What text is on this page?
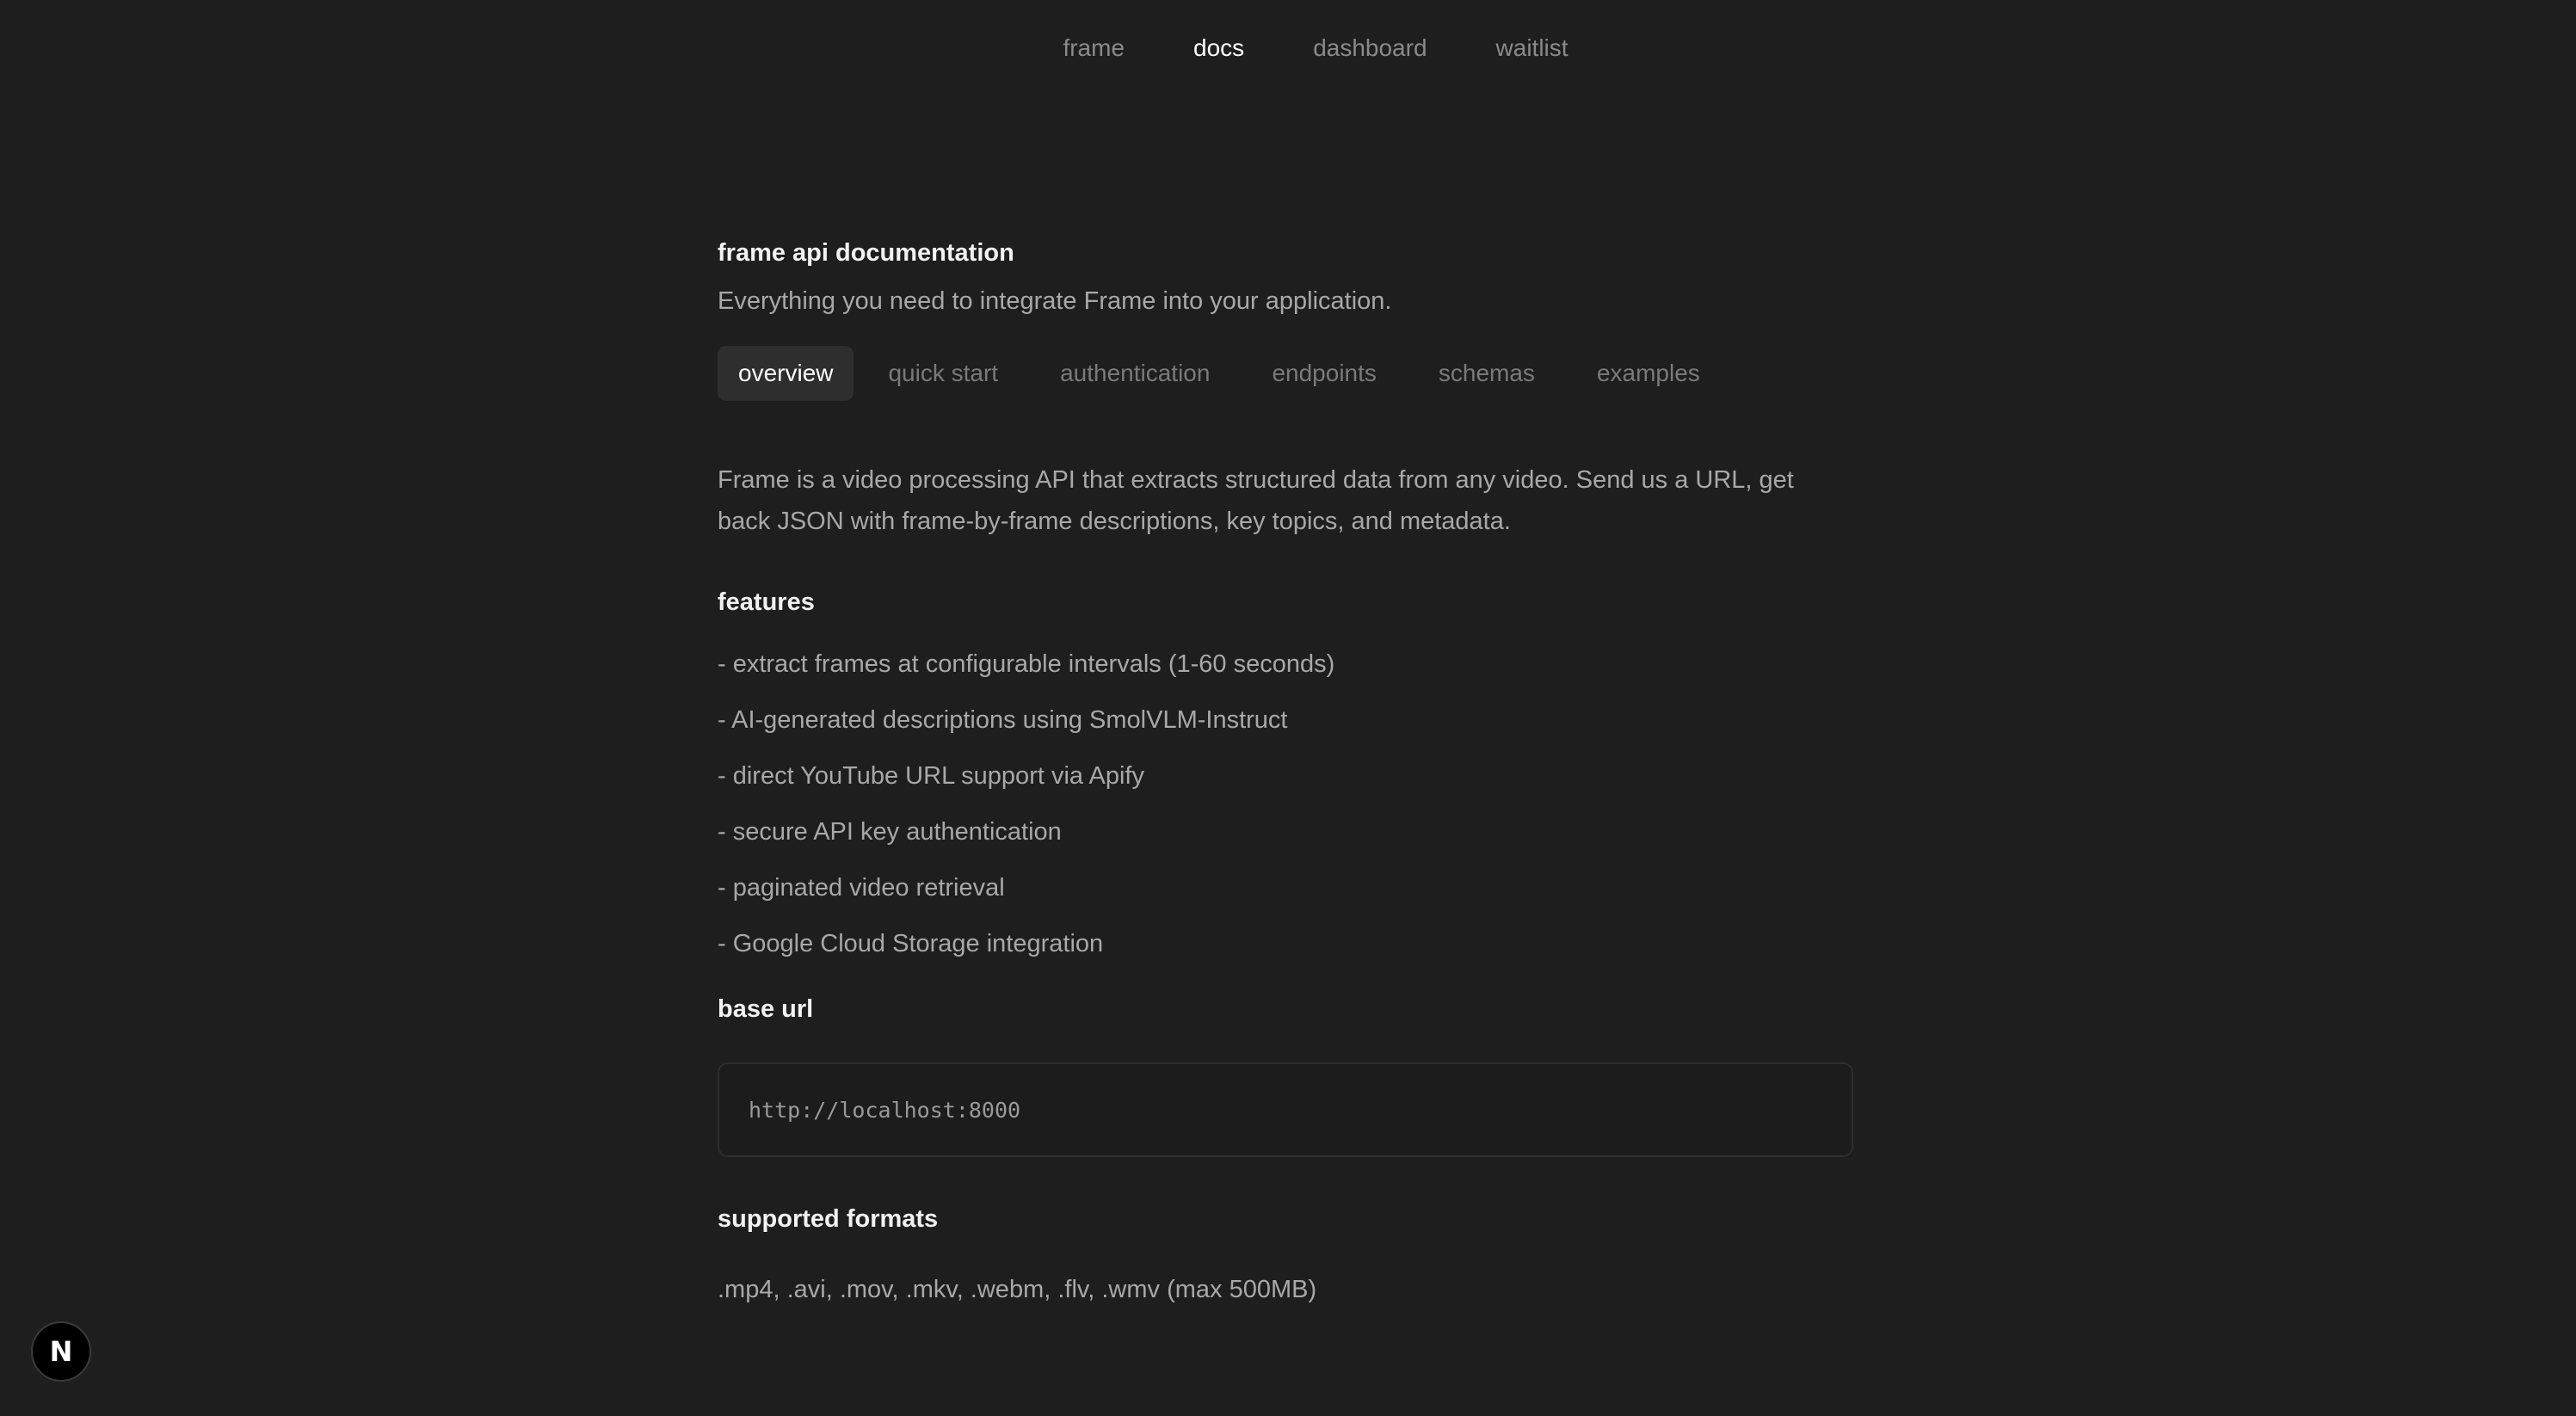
frame	docs	dashboard	waitlist
frame api documentation

Everything you need to integrate Frame into your application.

overview	quick start	authentication	endpoints	schemas	examples

Frame is a video processing API that extracts structured data from any video. Send us a URL, get back JSON with frame-by-frame descriptions, key topics, and metadata.

features
- extract frames at configurable intervals (1-60 seconds)
- AI-generated descriptions using SmolVLM-Instruct
- direct YouTube URL support via Apify
- secure API key authentication
- paginated video retrieval
- Google Cloud Storage integration
base url
http://localhost:8000
supported formats

.mp4, .avi, .mov, .mkv, .webm, .flv, .wmv (max 500MB)

N
